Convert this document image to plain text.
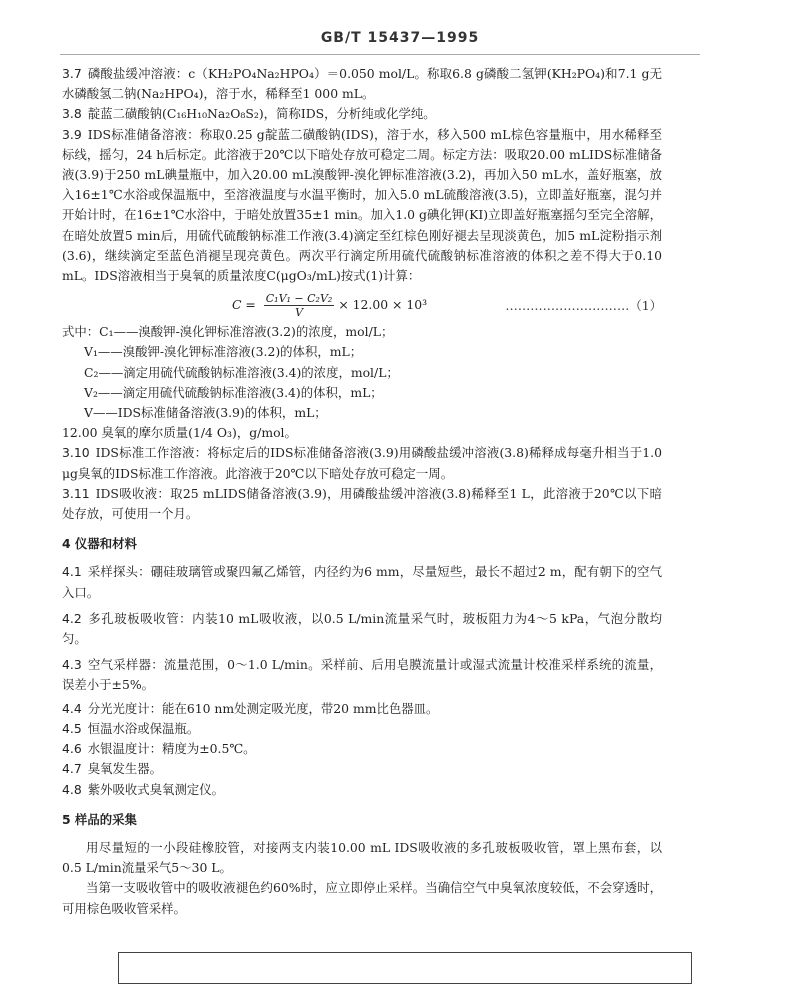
GB/T 15437—1995

3.7 磷酸盐缓冲溶液：c（KH₂PO₄Na₂HPO₄）＝0.050 mol/L。称取6.8 g磷酸二氢钾(KH₂PO₄)和7.1 g无水磷酸氢二钠(Na₂HPO₄)，溶于水，稀释至1 000 mL。

3.8 靛蓝二磺酸钠(C₁₆H₁₀Na₂O₈S₂)，简称IDS，分析纯或化学纯。

3.9 IDS标准储备溶液：称取0.25 g靛蓝二磺酸钠(IDS)，溶于水，移入500 mL棕色容量瓶中，用水稀释至标线，摇匀，24 h后标定。此溶液于20℃以下暗处存放可稳定二周。标定方法：吸取20.00 mLIDS标准储备液(3.9)于250 mL碘量瓶中，加入20.00 mL溴酸钾-溴化钾标准溶液(3.2)，再加入50 mL水，盖好瓶塞，放入16±1℃水浴或保温瓶中，至溶液温度与水温平衡时，加入5.0 mL硫酸溶液(3.5)，立即盖好瓶塞，混匀并开始计时，在16±1℃水浴中，于暗处放置35±1 min。加入1.0 g碘化钾(KI)立即盖好瓶塞摇匀至完全溶解，在暗处放置5 min后，用硫代硫酸钠标准工作液(3.4)滴定至红棕色刚好褪去呈现淡黄色，加5 mL淀粉指示剂(3.6)，继续滴定至蓝色消褪呈现亮黄色。两次平行滴定所用硫代硫酸钠标准溶液的体积之差不得大于0.10 mL。IDS溶液相当于臭氧的质量浓度C(μgO₃/mL)按式(1)计算：

$C = \frac{\text{C₁V₁ − C₂V₂}}{V} \times 12.00 \times 10^3$	…………………………（1）

式中：C₁——溴酸钾-溴化钾标准溶液(3.2)的浓度，mol/L；

V₁——溴酸钾-溴化钾标准溶液(3.2)的体积，mL；

C₂——滴定用硫代硫酸钠标准溶液(3.4)的浓度，mol/L；

V₂——滴定用硫代硫酸钠标准溶液(3.4)的体积，mL；

V——IDS标准储备溶液(3.9)的体积，mL；

12.00 臭氧的摩尔质量(1/4 O₃)，g/mol。

3.10 IDS标准工作溶液：将标定后的IDS标准储备溶液(3.9)用磷酸盐缓冲溶液(3.8)稀释成每毫升相当于1.0 μg臭氧的IDS标准工作溶液。此溶液于20℃以下暗处存放可稳定一周。

3.11 IDS吸收液：取25 mLIDS储备溶液(3.9)，用磷酸盐缓冲溶液(3.8)稀释至1 L，此溶液于20℃以下暗处存放，可使用一个月。

4 仪器和材料

4.1 采样探头：硼硅玻璃管或聚四氟乙烯管，内径约为6 mm，尽量短些，最长不超过2 m，配有朝下的空气入口。

4.2 多孔玻板吸收管：内装10 mL吸收液，以0.5 L/min流量采气时，玻板阻力为4～5 kPa，气泡分散均匀。

4.3 空气采样器：流量范围，0～1.0 L/min。采样前、后用皂膜流量计或湿式流量计校准采样系统的流量，误差小于±5%。

4.4 分光光度计：能在610 nm处测定吸光度，带20 mm比色器皿。

4.5 恒温水浴或保温瓶。

4.6 水银温度计：精度为±0.5℃。

4.7 臭氧发生器。

4.8 紫外吸收式臭氧测定仪。

5 样品的采集

用尽量短的一小段硅橡胶管，对接两支内装10.00 mL IDS吸收液的多孔玻板吸收管，罩上黑布套，以0.5 L/min流量采气5～30 L。

当第一支吸收管中的吸收液褪色约60%时，应立即停止采样。当确信空气中臭氧浓度较低，不会穿透时，可用棕色吸收管采样。
